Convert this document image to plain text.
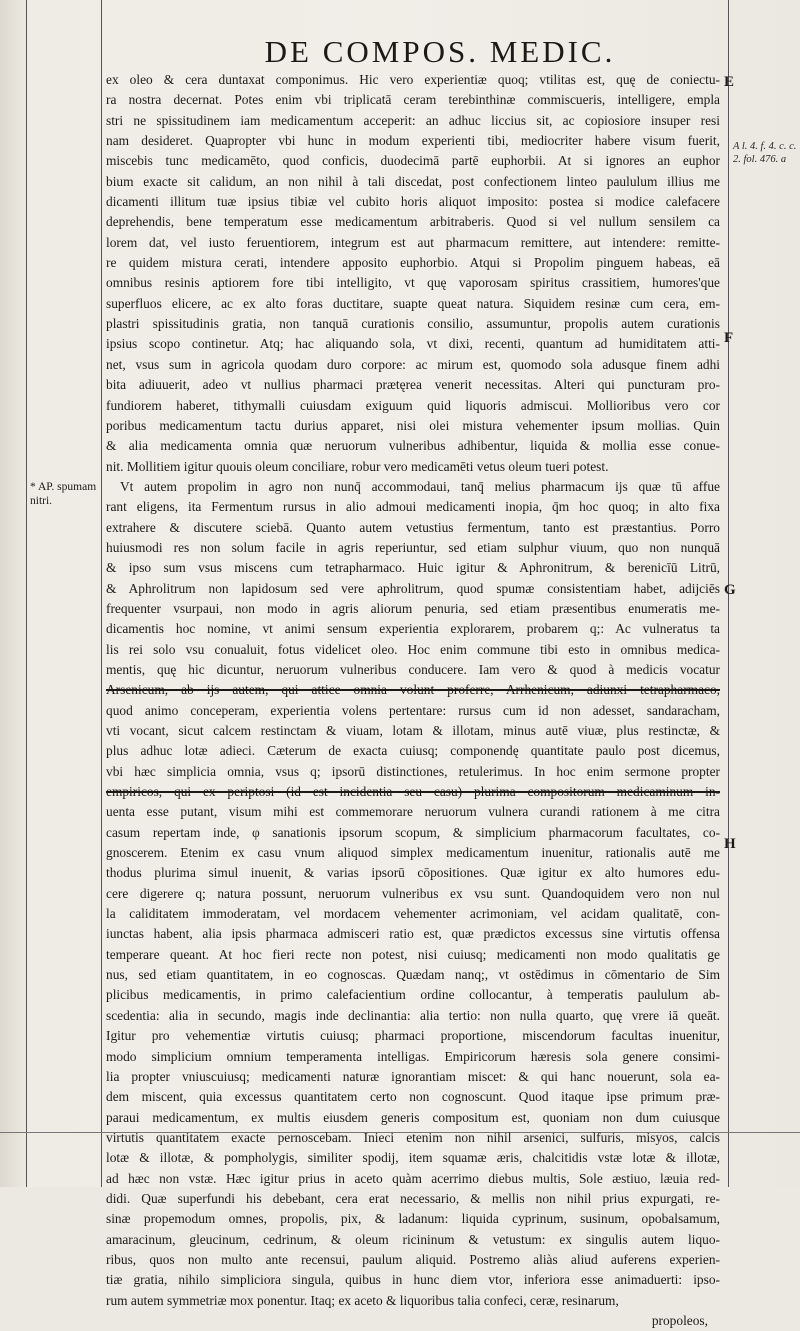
DE COMPOS. MEDIC.
A l. 4. f. 4. c. c.
2. fol. 476. a
* AP. spumam
nitri.
E
F
G
H
ex oleo & cera duntaxat componimus. Hic vero experientiæ quoq; vtilitas est, quę de coniectu-
ra nostra decernat. Potes enim vbi triplicatā ceram terebinthinæ commiscueris, intelligere, empla
stri ne spissitudinem iam medicamentum acceperit: an adhuc liccius sit, ac copiosiore insuper resi
nam desideret. Quapropter vbi hunc in modum experienti tibi, mediocriter habere visum fuerit,
miscebis tunc medicamēto, quod conficis, duodecimā partē euphorbii. At si ignores an euphor
bium exacte sit calidum, an non nihil à tali discedat, post confectionem linteo paululum illius me
dicamenti illitum tuæ ipsius tibiæ vel cubito horis aliquot imposito: postea si modice calefacere
deprehendis, bene temperatum esse medicamentum arbitraberis. Quod si vel nullum sensilem ca
lorem dat, vel iusto feruentiorem, integrum est aut pharmacum remittere, aut intendere: remitte-
re quidem mistura cerati, intendere apposito euphorbio. Atqui si Propolim pinguem habeas, eā
omnibus resinis aptiorem fore tibi intelligito, vt quę vaporosam spiritus crassitiem, humores'que
superfluos elicere, ac ex alto foras ductitare, suapte queat natura. Siquidem resinæ cum cera, em-
plastri spissitudinis gratia, non tanquā curationis consilio, assumuntur, propolis autem curationis
ipsius scopo continetur. Atq; hac aliquando sola, vt dixi, recenti, quantum ad humiditatem atti-
net, vsus sum in agricola quodam duro corpore: ac mirum est, quomodo sola adusque finem adhi
bita adiuuerit, adeo vt nullius pharmaci prætęrea venerit necessitas. Alteri qui puncturam pro-
fundiorem haberet, tithymalli cuiusdam exiguum quid liquoris admiscui. Mollioribus vero cor
poribus medicamentum tactu durius apparet, nisi olei mistura vehementer ipsum mollias. Quin
& alia medicamenta omnia quæ neruorum vulneribus adhibentur, liquida & mollia esse conue-
nit. Mollitiem igitur quouis oleum conciliare, robur vero medicamēti vetus oleum tueri potest.
Vt autem propolim in agro non nunq̄ accommodaui, tanq̄ melius pharmacum ijs quæ tū affue
rant eligens, ita Fermentum rursus in alio admoui medicamenti inopia, q̄m hoc quoq; in alto fixa
extrahere & discutere sciebā. Quanto autem vetustius fermentum, tanto est præstantius. Porro
huiusmodi res non solum facile in agris reperiuntur, sed etiam sulphur viuum, quo non nunquā
& ipso sum vsus miscens cum tetrapharmaco. Huic igitur & Aphronitrum, & berenicīū Litrū,
& Aphrolitrum non lapidosum sed vere aphrolitrum, quod spumæ consistentiam habet, adijciēs
frequenter vsurpaui, non modo in agris aliorum penuria, sed etiam præsentibus enumeratis me-
dicamentis hoc nomine, vt animi sensum experientia explorarem, probarem q;: Ac vulneratus ta
lis rei solo vsu conualuit, fotus videlicet oleo. Hoc enim commune tibi esto in omnibus medica-
mentis, quę hic dicuntur, neruorum vulneribus conducere. Iam vero & quod à medicis vocatur
Arsenicum, ab ijs autem, qui attice omnia volunt proferre, Arrhenicum, adiunxi tetrapharmaco,
quod animo conceperam, experientia volens pertentare: rursus cum id non adesset, sandaracham,
vti vocant, sicut calcem restinctam & viuam, lotam & illotam, minus autē viuæ, plus restinctæ, &
plus adhuc lotæ adieci. Cæterum de exacta cuiusq; componendę quantitate paulo post dicemus,
vbi hæc simplicia omnia, vsus q; ipsorū distinctiones, retulerimus. In hoc enim sermone propter
empiricos, qui ex periptosi (id est incidentia seu casu) plurima compositorum medicaminum in-
uenta esse putant, visum mihi est commemorare neruorum vulnera curandi rationem à me citra
casum repertam inde, φ sanationis ipsorum scopum, & simplicium pharmacorum facultates, co-
gnoscerem. Etenim ex casu vnum aliquod simplex medicamentum inuenitur, rationalis autē me
thodus plurima simul inuenit, & varias ipsorū cōpositiones. Quæ igitur ex alto humores edu-
cere digerere q; natura possunt, neruorum vulneribus ex vsu sunt. Quandoquidem vero non nul
la caliditatem immoderatam, vel mordacem vehementer acrimoniam, vel acidam qualitatē, con-
iunctas habent, alia ipsis pharmaca admisceri ratio est, quæ prædictos excessus sine virtutis offensa
temperare queant. At hoc fieri recte non potest, nisi cuiusq; medicamenti non modo qualitatis ge
nus, sed etiam quantitatem, in eo cognoscas. Quædam nanq;, vt ostēdimus in cōmentario de Sim
plicibus medicamentis, in primo calefacientium ordine collocantur, à temperatis paululum ab-
scedentia: alia in secundo, magis inde declinantia: alia tertio: non nulla quarto, quę vrere iā queāt.
Igitur pro vehementiæ virtutis cuiusq; pharmaci proportione, miscendorum facultas inuenitur,
modo simplicium omnium temperamenta intelligas. Empiricorum hæresis sola genere consimi-
lia propter vniuscuiusq; medicamenti naturæ ignorantiam miscet: & qui hanc nouerunt, sola ea-
dem miscent, quia excessus quantitatem certo non cognoscunt. Quod itaque ipse primum præ-
paraui medicamentum, ex multis eiusdem generis compositum est, quoniam non dum cuiusque
virtutis quantitatem exacte pernoscebam. Inieci etenim non nihil arsenici, sulfuris, misyos, calcis
lotæ & illotæ, & pompholygis, similiter spodij, item squamæ æris, chalcitidis vstæ lotæ & illotæ,
ad hæc non vstæ. Hæc igitur prius in aceto quàm acerrimo diebus multis, Sole æstiuo, læuia red-
didi. Quæ superfundi his debebant, cera erat necessario, & mellis non nihil prius expurgati, re-
sinæ propemodum omnes, propolis, pix, & ladanum: liquida cyprinum, susinum, opobalsamum,
amaracinum, gleucinum, cedrinum, & oleum ricininum & vetustum: ex singulis autem liquo-
ribus, quos non multo ante recensui, paulum aliquid. Postremo aliàs aliud auferens experien-
tiæ gratia, nihilo simpliciora singula, quibus in hunc diem vtor, inferiora esse animaduerti: ipso-
rum autem symmetriæ mox ponentur. Itaq; ex aceto & liquoribus talia confeci, ceræ, resinarum,
propoleos,
